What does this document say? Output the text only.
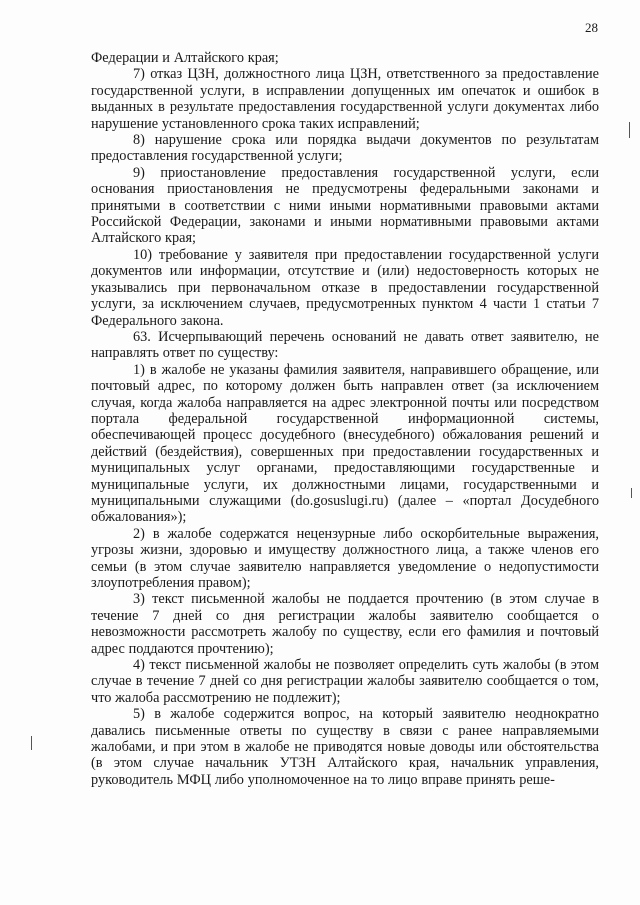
28

Федерации и Алтайского края;

7) отказ ЦЗН, должностного лица ЦЗН, ответственного за предоставление государственной услуги, в исправлении допущенных им опечаток и ошибок в выданных в результате предоставления государственной услуги документах либо нарушение установленного срока таких исправлений;

8) нарушение срока или порядка выдачи документов по результатам предоставления государственной услуги;

9) приостановление предоставления государственной услуги, если основания приостановления не предусмотрены федеральными законами и принятыми в соответствии с ними иными нормативными правовыми актами Российской Федерации, законами и иными нормативными правовыми актами Алтайского края;

10) требование у заявителя при предоставлении государственной услуги документов или информации, отсутствие и (или) недостоверность которых не указывались при первоначальном отказе в предоставлении государственной услуги, за исключением случаев, предусмотренных пунктом 4 части 1 статьи 7 Федерального закона.

63. Исчерпывающий перечень оснований не давать ответ заявителю, не направлять ответ по существу:

1) в жалобе не указаны фамилия заявителя, направившего обращение, или почтовый адрес, по которому должен быть направлен ответ (за исключением случая, когда жалоба направляется на адрес электронной почты или посредством портала федеральной государственной информационной системы, обеспечивающей процесс досудебного (внесудебного) обжалования решений и действий (бездействия), совершенных при предоставлении государственных и муниципальных услуг органами, предоставляющими государственные и муниципальные услуги, их должностными лицами, государственными и муниципальными служащими (do.gosuslugi.ru) (далее – «портал Досудебного обжалования»);

2) в жалобе содержатся нецензурные либо оскорбительные выражения, угрозы жизни, здоровью и имуществу должностного лица, а также членов его семьи (в этом случае заявителю направляется уведомление о недопустимости злоупотребления правом);

3) текст письменной жалобы не поддается прочтению (в этом случае в течение 7 дней со дня регистрации жалобы заявителю сообщается о невозможности рассмотреть жалобу по существу, если его фамилия и почтовый адрес поддаются прочтению);

4) текст письменной жалобы не позволяет определить суть жалобы (в этом случае в течение 7 дней со дня регистрации жалобы заявителю сообщается о том, что жалоба рассмотрению не подлежит);

5) в жалобе содержится вопрос, на который заявителю неоднократно давались письменные ответы по существу в связи с ранее направляемыми жалобами, и при этом в жалобе не приводятся новые доводы или обстоятельства (в этом случае начальник УТЗН Алтайского края, начальник управления, руководитель МФЦ либо уполномоченное на то лицо вправе принять реше-
